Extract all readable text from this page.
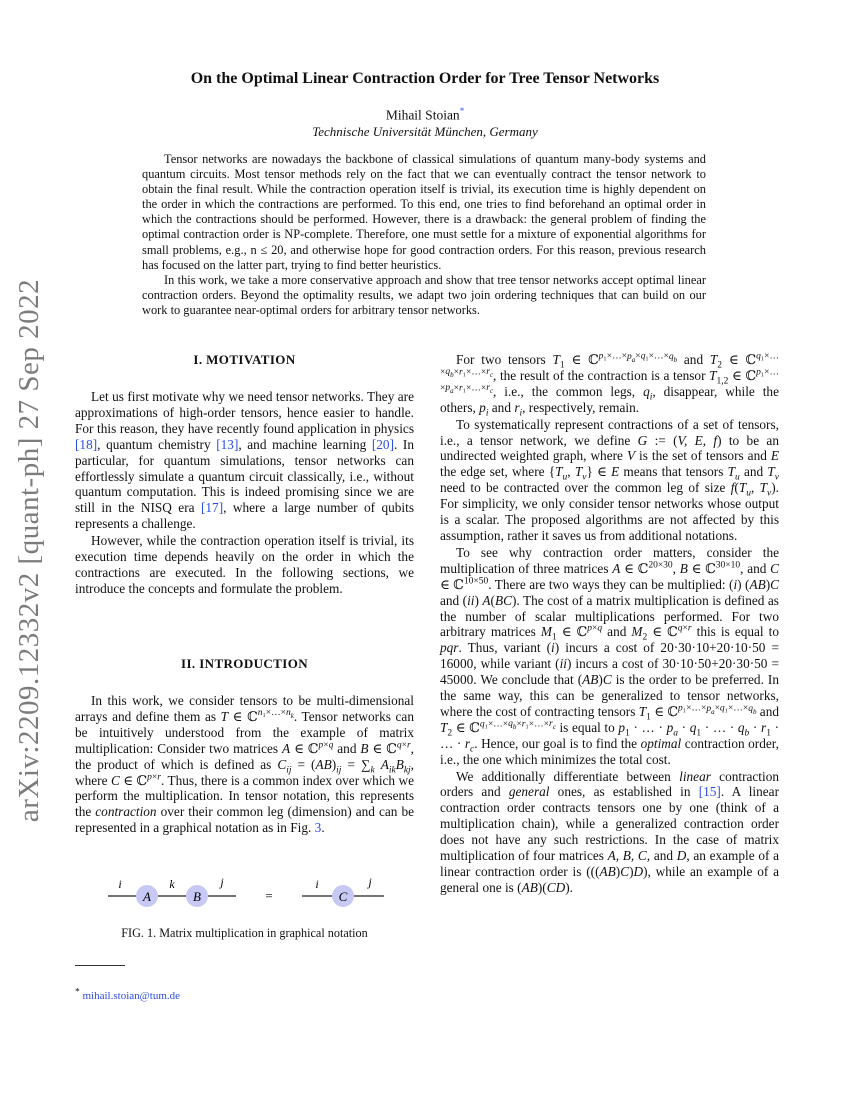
arXiv:2209.12332v2 [quant-ph] 27 Sep 2022
On the Optimal Linear Contraction Order for Tree Tensor Networks
Mihail Stoian*
Technische Universität München, Germany

Tensor networks are nowadays the backbone of classical simulations of quantum many-body systems and quantum circuits. Most tensor methods rely on the fact that we can eventually contract the tensor network to obtain the final result. While the contraction operation itself is trivial, its execution time is highly dependent on the order in which the contractions are performed. To this end, one tries to find beforehand an optimal order in which the contractions should be performed. However, there is a drawback: the general problem of finding the optimal contraction order is NP-complete. Therefore, one must settle for a mixture of exponential algorithms for small problems, e.g., n ≤ 20, and otherwise hope for good contraction orders. For this reason, previous research has focused on the latter part, trying to find better heuristics.

In this work, we take a more conservative approach and show that tree tensor networks accept optimal linear contraction orders. Beyond the optimality results, we adapt two join ordering techniques that can build on our work to guarantee near-optimal orders for arbitrary tensor networks.

I. MOTIVATION

Let us first motivate why we need tensor networks. They are approximations of high-order tensors, hence easier to handle. For this reason, they have recently found application in physics [18], quantum chemistry [13], and machine learning [20]. In particular, for quantum simulations, tensor networks can effortlessly simulate a quantum circuit classically, i.e., without quantum computation. This is indeed promising since we are still in the NISQ era [17], where a large number of qubits represents a challenge.

However, while the contraction operation itself is trivial, its execution time depends heavily on the order in which the contractions are executed. In the following sections, we introduce the concepts and formulate the problem.

II. INTRODUCTION

In this work, we consider tensors to be multi-dimensional arrays and define them as T ∈ ℂ$^{n_1\times\dots\times n_k}$. Tensor networks can be intuitively understood from the example of matrix multiplication: Consider two matrices A ∈ ℂ$^{p\times q}$ and B ∈ ℂ$^{q\times r}$, the product of which is defined as $C_{ij} = (AB)_{ij} = \sum_k$ $A_{ik}B_{kj}$, where C ∈ ℂ$^{p\times r}$. Thus, there is a common index over which we perform the multiplication. In tensor notation, this represents the contraction over their common leg (dimension) and can be represented in a graphical notation as in Fig. 3.

A	B
i	k	j
=	C
i	j
FIG. 1. Matrix multiplication in graphical notation
* mihail.stoian@tum.de

For two tensors $T_1$ ∈ ℂ$^{p_1\times\dots\times p_a\times q_1\times\dots\times q_b}$ and $T_2$ ∈ ℂ$^{q_1\times\dots\times q_b\times r_1\times\dots\times r_c}$, the result of the contraction is a tensor $T_{1,2}$ ∈ ℂ$^{p_1\times\dots\times p_a\times r_1\times\dots\times r_c}$, i.e., the common legs, $q_i$, disappear, while the others, $p_i$ and $r_i$, respectively, remain.

To systematically represent contractions of a set of tensors, i.e., a tensor network, we define G := (V, E, f) to be an undirected weighted graph, where V is the set of tensors and E the edge set, where {$T_u$, $T_v$} ∈ E means that tensors $T_u$ and $T_v$ need to be contracted over the common leg of size $f(T_u$, $T_v$). For simplicity, we only consider tensor networks whose output is a scalar. The proposed algorithms are not affected by this assumption, rather it saves us from additional notations.

To see why contraction order matters, consider the multiplication of three matrices A ∈ ℂ$^{20\times 30}$, B ∈ ℂ$^{30\times 10}$, and C ∈ ℂ$^{10\times 50}$. There are two ways they can be multiplied: (i) (AB)C and (ii) A(BC). The cost of a matrix multiplication is defined as the number of scalar multiplications performed. For two arbitrary matrices $M_1$ ∈ ℂ$^{p\times q}$ and $M_2$ ∈ ℂ$^{q\times r}$ this is equal to pqr. Thus, variant (i) incurs a cost of 20·30·10+20·10·50 = 16000, while variant (ii) incurs a cost of 30·10·50+20·30·50 = 45000. We conclude that (AB)C is the order to be preferred. In the same way, this can be generalized to tensor networks, where the cost of contracting tensors $T_1$ ∈ ℂ$^{p_1\times\dots\times p_a\times q_1\times\dots\times q_b}$ and $T_2$ ∈ ℂ$^{q_1\times\dots\times q_b\times r_1\times\dots\times r_c}$ is equal to $p_1$ · … · $p_a \cdot q_1$ · … · $q_b \cdot r_1$ · … · $r_c$. Hence, our goal is to find the optimal contraction order, i.e., the one which minimizes the total cost.

We additionally differentiate between linear contraction orders and general ones, as established in [15]. A linear contraction order contracts tensors one by one (think of a multiplication chain), while a generalized contraction order does not have any such restrictions. In the case of matrix multiplication of four matrices A, B, C, and D, an example of a linear contraction order is (((AB)C)D), while an example of a general one is (AB)(CD).
